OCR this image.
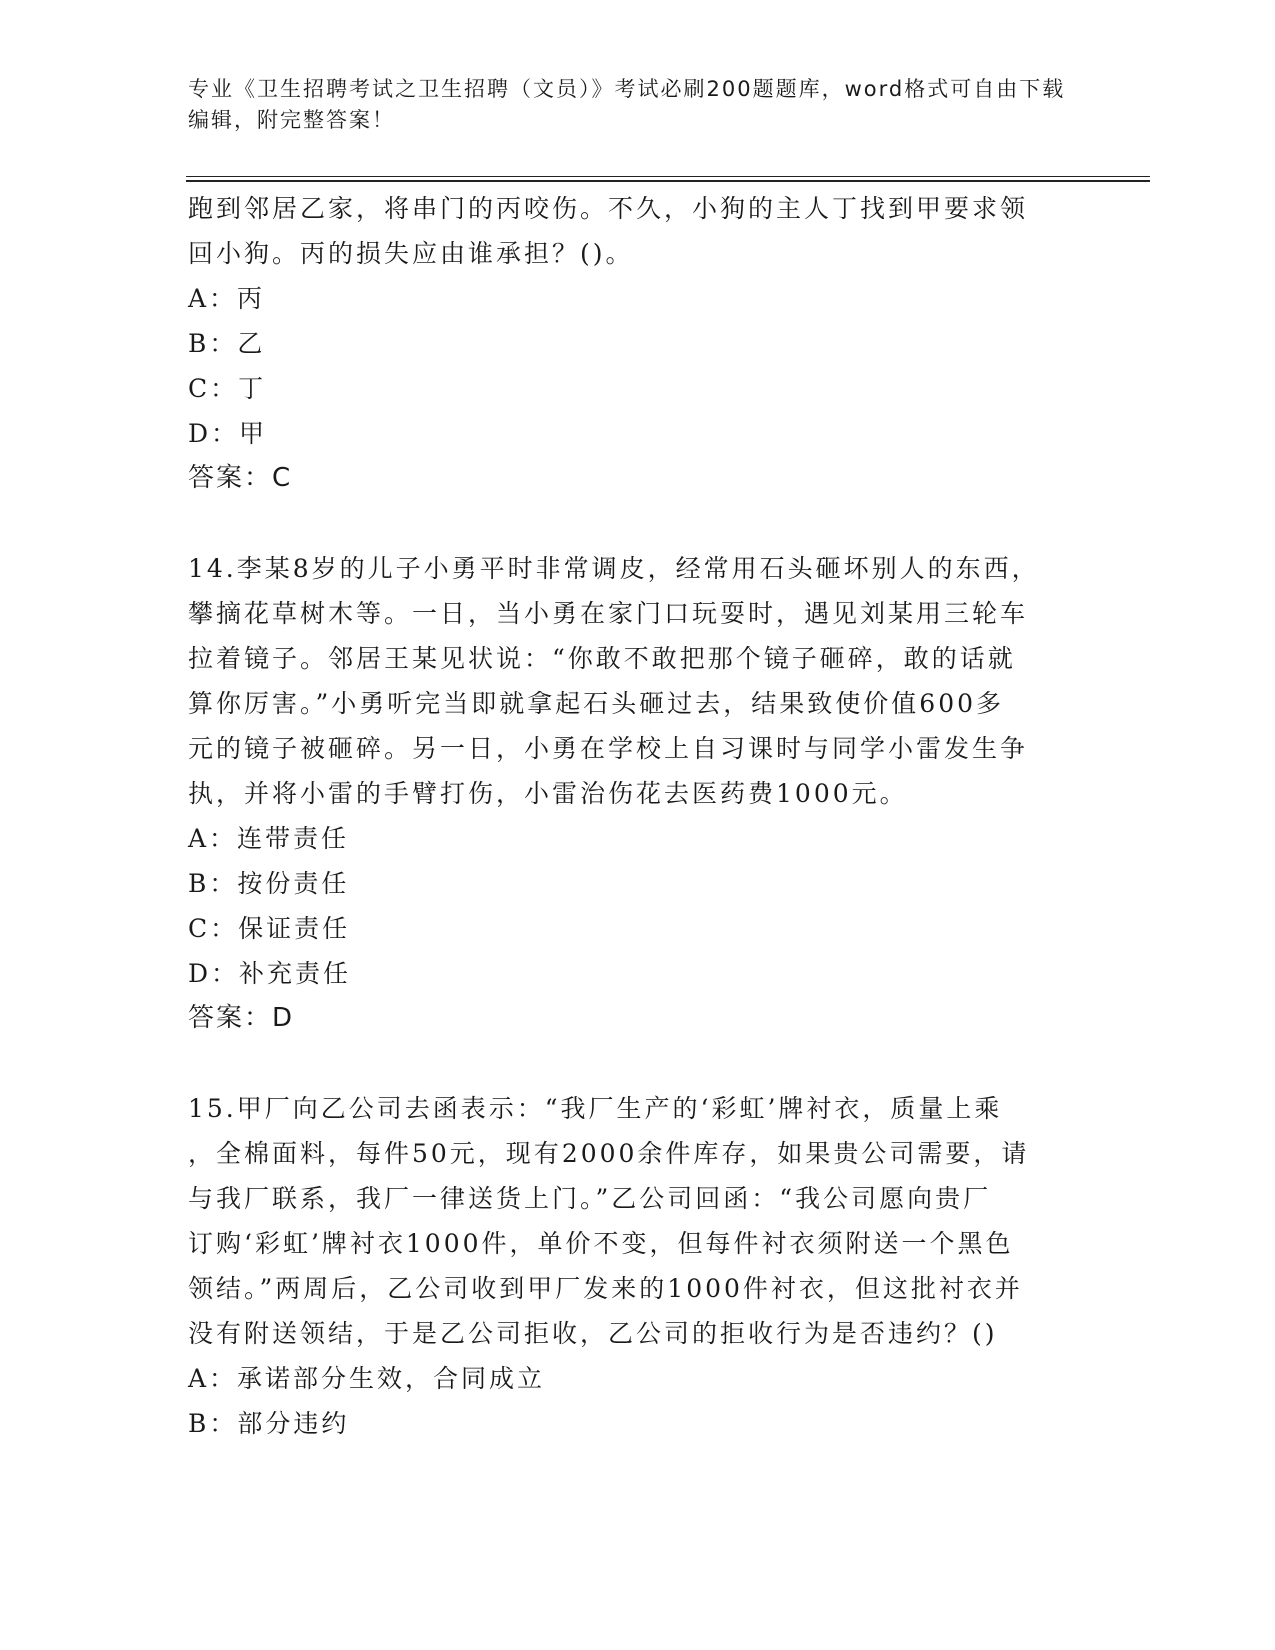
专业《卫生招聘考试之卫生招聘（文员）》考试必刷200题题库，word格式可自由下载编辑，附完整答案！

跑到邻居乙家，将串门的丙咬伤。不久，小狗的主人丁找到甲要求领

回小狗。丙的损失应由谁承担？()。

A：丙

B：乙

C：丁

D：甲

答案：C

14.李某8岁的儿子小勇平时非常调皮，经常用石头砸坏别人的东西，

攀摘花草树木等。一日，当小勇在家门口玩耍时，遇见刘某用三轮车

拉着镜子。邻居王某见状说：“你敢不敢把那个镜子砸碎，敢的话就

算你厉害。”小勇听完当即就拿起石头砸过去，结果致使价值600多

元的镜子被砸碎。另一日，小勇在学校上自习课时与同学小雷发生争

执，并将小雷的手臂打伤，小雷治伤花去医药费1000元。

A：连带责任

B：按份责任

C：保证责任

D：补充责任

答案：D

15.甲厂向乙公司去函表示：“我厂生产的‘彩虹’牌衬衣，质量上乘

，全棉面料，每件50元，现有2000余件库存，如果贵公司需要，请

与我厂联系，我厂一律送货上门。”乙公司回函：“我公司愿向贵厂

订购‘彩虹’牌衬衣1000件，单价不变，但每件衬衣须附送一个黑色

领结。”两周后，乙公司收到甲厂发来的1000件衬衣，但这批衬衣并

没有附送领结，于是乙公司拒收，乙公司的拒收行为是否违约？()

A：承诺部分生效，合同成立

B：部分违约
